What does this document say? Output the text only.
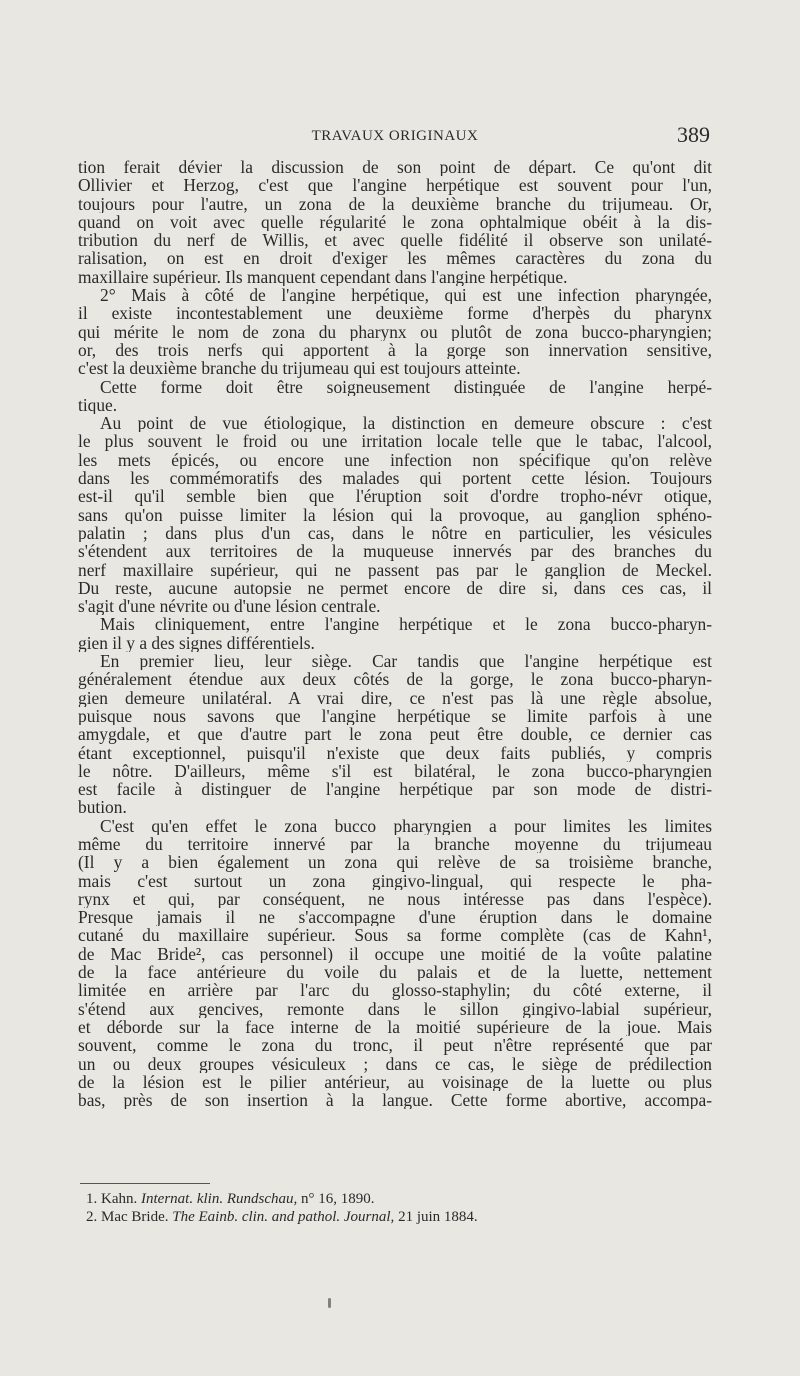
TRAVAUX ORIGINAUX	389
tion ferait dévier la discussion de son point de départ. Ce qu'ont dit
Ollivier et Herzog, c'est que l'angine herpétique est souvent pour l'un,
toujours pour l'autre, un zona de la deuxième branche du trijumeau. Or,
quand on voit avec quelle régularité le zona ophtalmique obéit à la dis-
tribution du nerf de Willis, et avec quelle fidélité il observe son unilaté-
ralisation, on est en droit d'exiger les mêmes caractères du zona du
maxillaire supérieur. Ils manquent cependant dans l'angine herpétique.
2° Mais à côté de l'angine herpétique, qui est une infection pharyngée,
il existe incontestablement une deuxième forme d'herpès du pharynx
qui mérite le nom de zona du pharynx ou plutôt de zona bucco-pharyngien;
or, des trois nerfs qui apportent à la gorge son innervation sensitive,
c'est la deuxième branche du trijumeau qui est toujours atteinte.
Cette forme doit être soigneusement distinguée de l'angine herpé-
tique.
Au point de vue étiologique, la distinction en demeure obscure : c'est
le plus souvent le froid ou une irritation locale telle que le tabac, l'alcool,
les mets épicés, ou encore une infection non spécifique qu'on relève
dans les commémoratifs des malades qui portent cette lésion. Toujours
est-il qu'il semble bien que l'éruption soit d'ordre tropho-névr otique,
sans qu'on puisse limiter la lésion qui la provoque, au ganglion sphéno-
palatin ; dans plus d'un cas, dans le nôtre en particulier, les vésicules
s'étendent aux territoires de la muqueuse innervés par des branches du
nerf maxillaire supérieur, qui ne passent pas par le ganglion de Meckel.
Du reste, aucune autopsie ne permet encore de dire si, dans ces cas, il
s'agit d'une névrite ou d'une lésion centrale.
Mais cliniquement, entre l'angine herpétique et le zona bucco-pharyn-
gien il y a des signes différentiels.
En premier lieu, leur siège. Car tandis que l'angine herpétique est
généralement étendue aux deux côtés de la gorge, le zona bucco-pharyn-
gien demeure unilatéral. A vrai dire, ce n'est pas là une règle absolue,
puisque nous savons que l'angine herpétique se limite parfois à une
amygdale, et que d'autre part le zona peut être double, ce dernier cas
étant exceptionnel, puisqu'il n'existe que deux faits publiés, y compris
le nôtre. D'ailleurs, même s'il est bilatéral, le zona bucco-pharyngien
est facile à distinguer de l'angine herpétique par son mode de distri-
bution.
C'est qu'en effet le zona bucco pharyngien a pour limites les limites
même du territoire innervé par la branche moyenne du trijumeau
(Il y a bien également un zona qui relève de sa troisième branche,
mais c'est surtout un zona gingivo-lingual, qui respecte le pha-
rynx et qui, par conséquent, ne nous intéresse pas dans l'espèce).
Presque jamais il ne s'accompagne d'une éruption dans le domaine
cutané du maxillaire supérieur. Sous sa forme complète (cas de Kahn¹,
de Mac Bride², cas personnel) il occupe une moitié de la voûte palatine
de la face antérieure du voile du palais et de la luette, nettement
limitée en arrière par l'arc du glosso-staphylin; du côté externe, il
s'étend aux gencives, remonte dans le sillon gingivo-labial supérieur,
et déborde sur la face interne de la moitié supérieure de la joue. Mais
souvent, comme le zona du tronc, il peut n'être représenté que par
un ou deux groupes vésiculeux ; dans ce cas, le siège de prédilection
de la lésion est le pilier antérieur, au voisinage de la luette ou plus
bas, près de son insertion à la langue. Cette forme abortive, accompa-
1. Kahn. Internat. klin. Rundschau, n° 16, 1890.
2. Mac Bride. The Eainb. clin. and pathol. Journal, 21 juin 1884.
